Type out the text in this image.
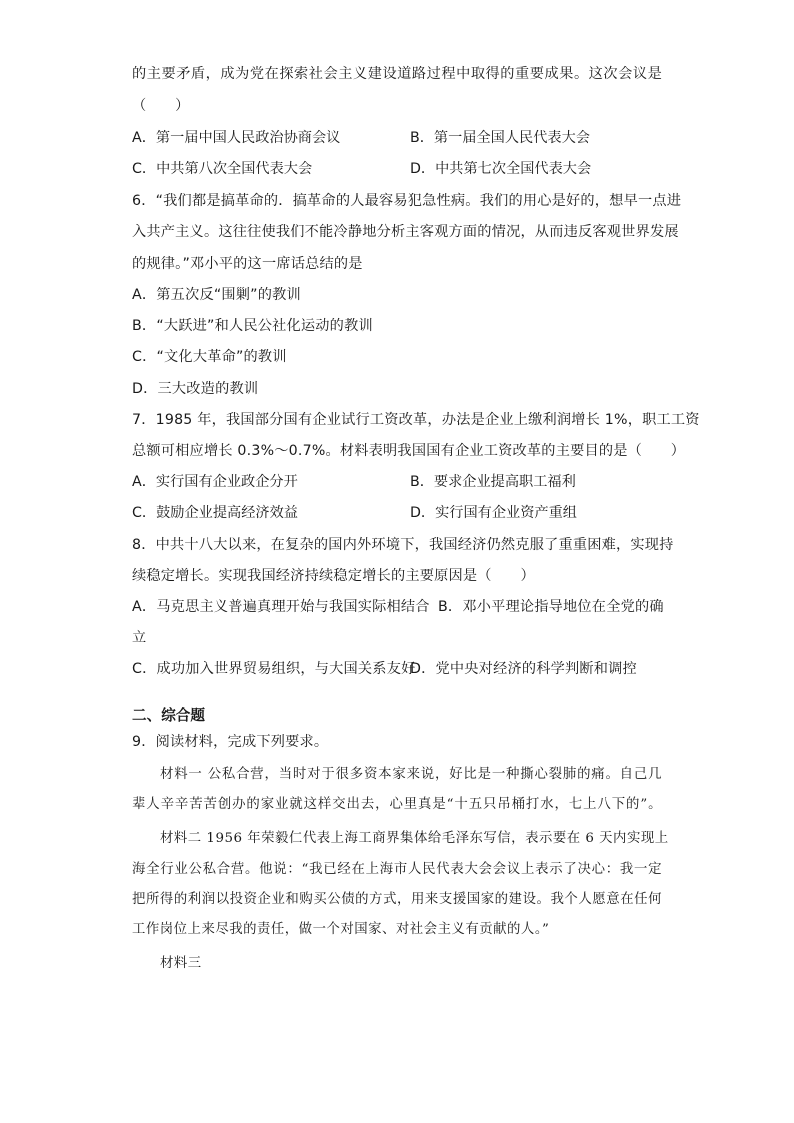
的主要矛盾，成为党在探索社会主义建设道路过程中取得的重要成果。这次会议是
（　　）
A．第一届中国人民政治协商会议	B．第一届全国人民代表大会
C．中共第八次全国代表大会	D．中共第七次全国代表大会
6．“我们都是搞革命的．搞革命的人最容易犯急性病。我们的用心是好的，想早一点进
入共产主义。这往往使我们不能冷静地分析主客观方面的情况，从而违反客观世界发展
的规律。”邓小平的这一席话总结的是
A．第五次反“围剿”的教训
B．“大跃进”和人民公社化运动的教训
C．“文化大革命”的教训
D．三大改造的教训
7．1985 年，我国部分国有企业试行工资改革，办法是企业上缴利润增长 1%，职工工资
总额可相应增长 0.3%～0.7%。材料表明我国国有企业工资改革的主要目的是（　　）
A．实行国有企业政企分开	B．要求企业提高职工福利
C．鼓励企业提高经济效益	D．实行国有企业资产重组
8．中共十八大以来，在复杂的国内外环境下，我国经济仍然克服了重重困难，实现持
续稳定增长。实现我国经济持续稳定增长的主要原因是（　　）
A．马克思主义普遍真理开始与我国实际相结合 B．邓小平理论指导地位在全党的确
立
C．成功加入世界贸易组织，与大国关系友好
D．党中央对经济的科学判断和调控
二、综合题
9．阅读材料，完成下列要求。
材料一 公私合营，当时对于很多资本家来说，好比是一种撕心裂肺的痛。自己几
辈人辛辛苦苦创办的家业就这样交出去，心里真是“十五只吊桶打水，七上八下的”。
材料二 1956 年荣毅仁代表上海工商界集体给毛泽东写信，表示要在 6 天内实现上
海全行业公私合营。他说：“我已经在上海市人民代表大会会议上表示了决心：我一定
把所得的利润以投资企业和购买公债的方式，用来支援国家的建设。我个人愿意在任何
工作岗位上来尽我的责任，做一个对国家、对社会主义有贡献的人。”
材料三
